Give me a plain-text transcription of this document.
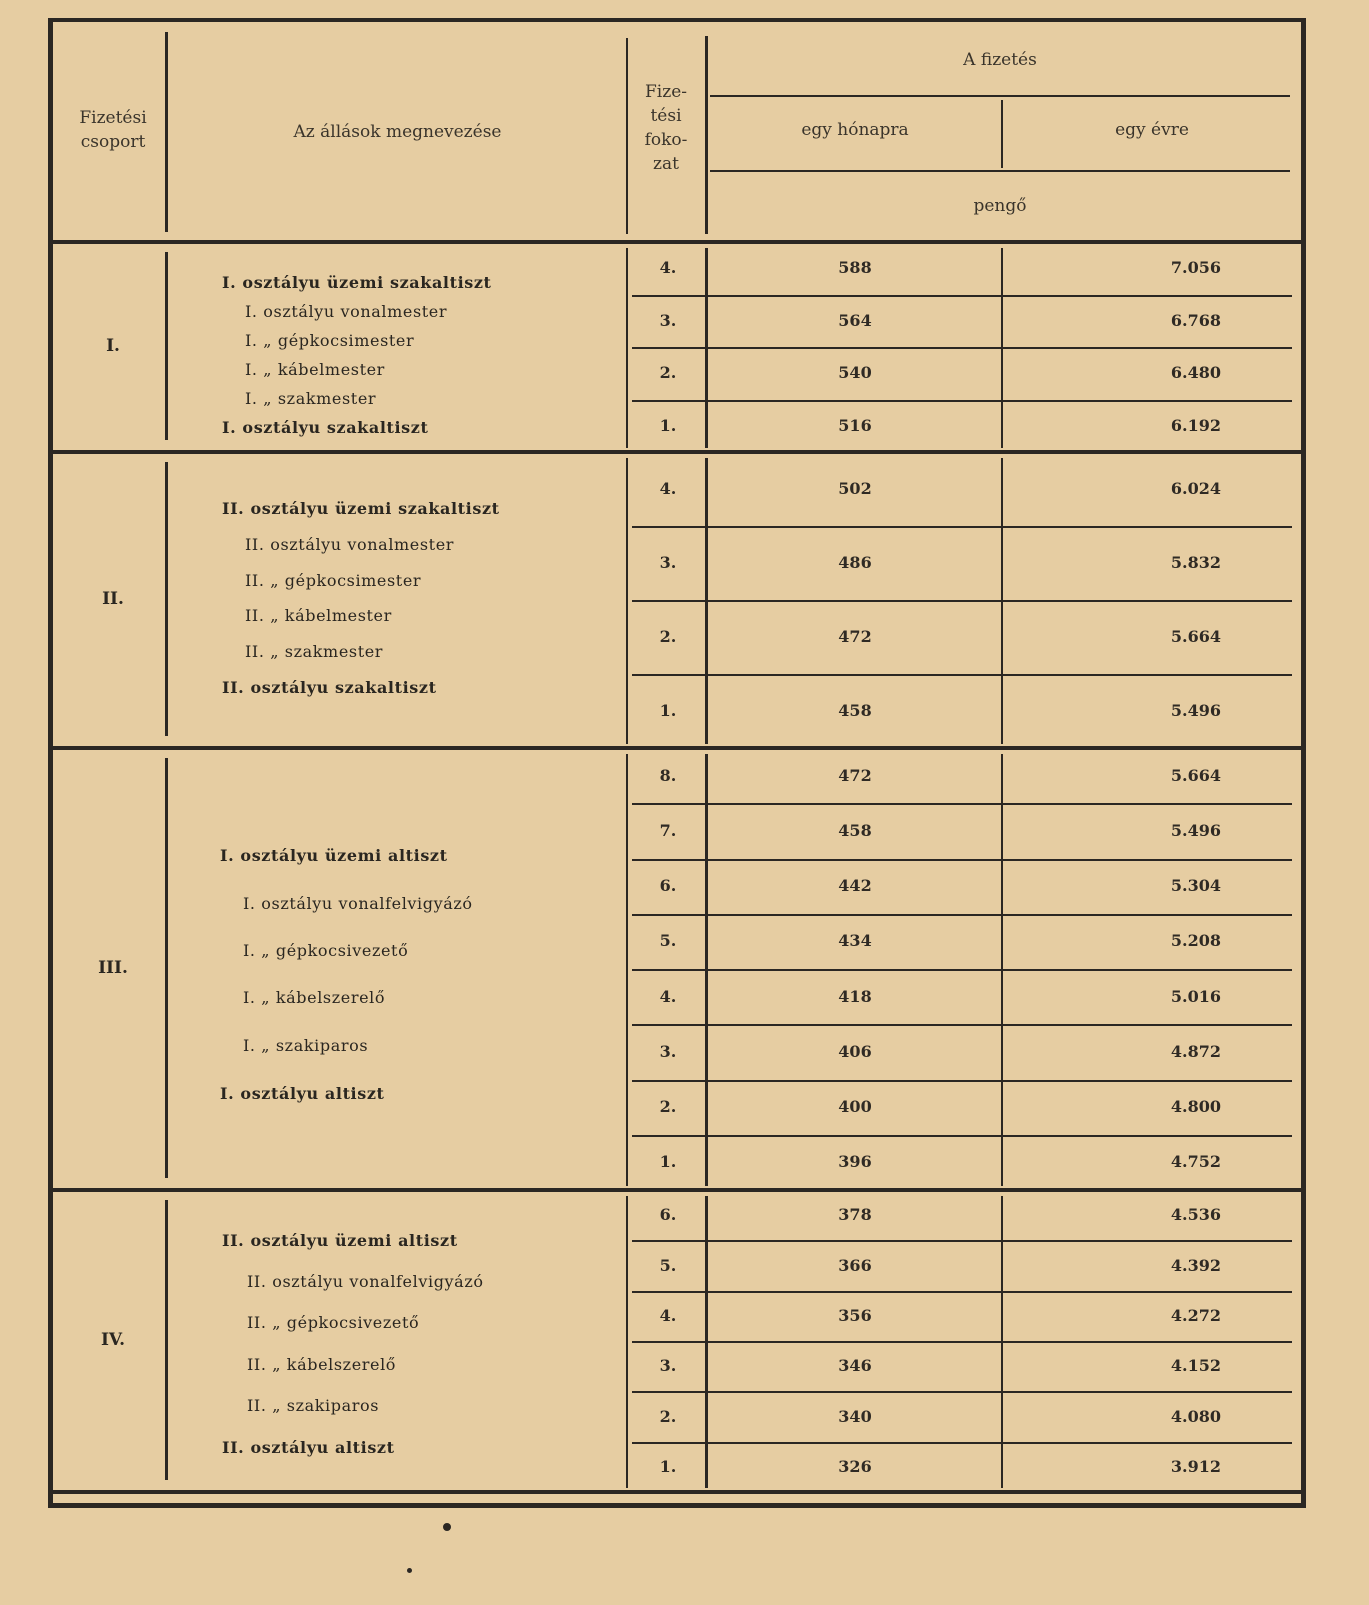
Fizetési csoport	Az állások megnevezése
Fize- tési foko- zat
A fizetés
egy hónapra	egy évre
pengő
I.
I. osztályu üzemi szakaltiszt
I. osztályu vonalmester
I. „ gépkocsimester
I. „ kábelmester
I. „ szakmester
I. osztályu szakaltiszt
4.	588	7.056
3.	564	6.768
2.	540	6.480
1.	516	6.192
II.
II. osztályu üzemi szakaltiszt
II. osztályu vonalmester
II. „ gépkocsimester
II. „ kábelmester
II. „ szakmester
II. osztályu szakaltiszt
4.	502	6.024
3.	486	5.832
2.	472	5.664
1.	458	5.496
III.
I. osztályu üzemi altiszt
I. osztályu vonalfelvigyázó
I. „ gépkocsivezető
I. „ kábelszerelő
I. „ szakiparos
I. osztályu altiszt
8.	472	5.664
7.	458	5.496
6.	442	5.304
5.	434	5.208
4.	418	5.016
3.	406	4.872
2.	400	4.800
1.	396	4.752
IV.
II. osztályu üzemi altiszt
II. osztályu vonalfelvigyázó
II. „ gépkocsivezető
II. „ kábelszerelő
II. „ szakiparos
II. osztályu altiszt
6.	378	4.536
5.	366	4.392
4.	356	4.272
3.	346	4.152
2.	340	4.080
1.	326	3.912
